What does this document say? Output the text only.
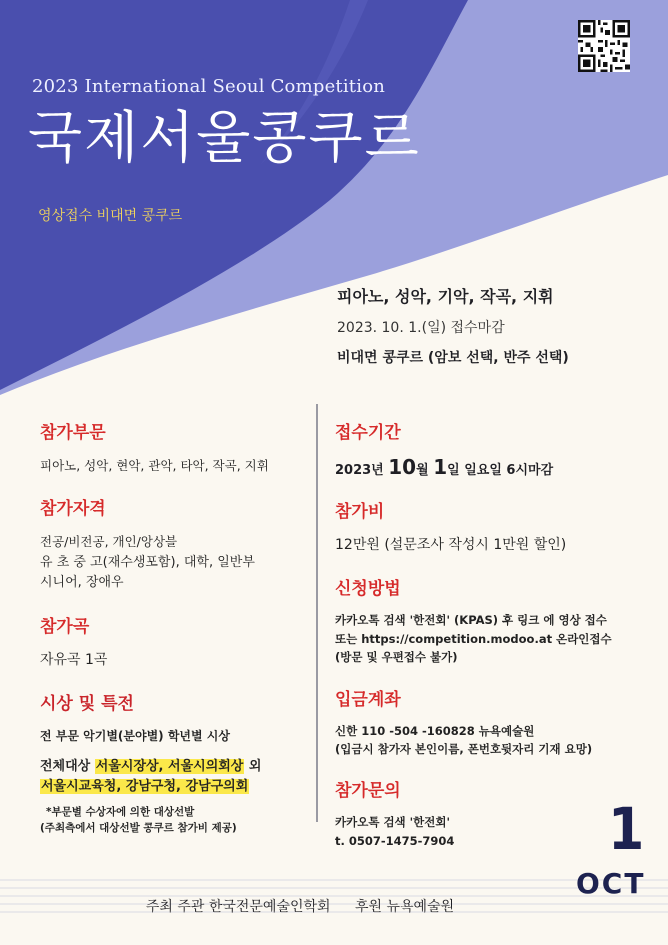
2023 International Seoul Competition
국제서울콩쿠르
영상접수 비대면 콩쿠르
피아노, 성악, 기악, 작곡, 지휘
2023. 10. 1.(일) 접수마감
비대면 콩쿠르 (암보 선택, 반주 선택)
참가부문
피아노, 성악, 현악, 관악, 타악, 작곡, 지휘
참가자격
전공/비전공, 개인/앙상블
유 초 중 고(재수생포함), 대학, 일반부
시니어, 장애우
참가곡
자유곡 1곡
시상 및 특전
전 부문 악기별(분야별) 학년별 시상
전체대상 서울시장상, 서울시의회상 외
서울시교육청, 강남구청, 강남구의회
*부문별 수상자에 의한 대상선발
(주최측에서 대상선발 콩쿠르 참가비 제공)
접수기간
2023년 10월 1일 일요일 6시마감
참가비
12만원 (설문조사 작성시 1만원 할인)
신청방법
카카오톡 검색 '한전회' (KPAS) 후 링크 에 영상 접수
또는 https://competition.modoo.at 온라인접수
(방문 및 우편접수 불가)
입금계좌
신한 110 -504 -160828 뉴욕예술원
(입금시 참가자 본인이름, 폰번호뒷자리 기재 요망)
참가문의
카카오톡 검색 '한전회'
t. 0507-1475-7904	1
OCT
주최 주관 한국전문예술인학회 후원 뉴욕예술원
